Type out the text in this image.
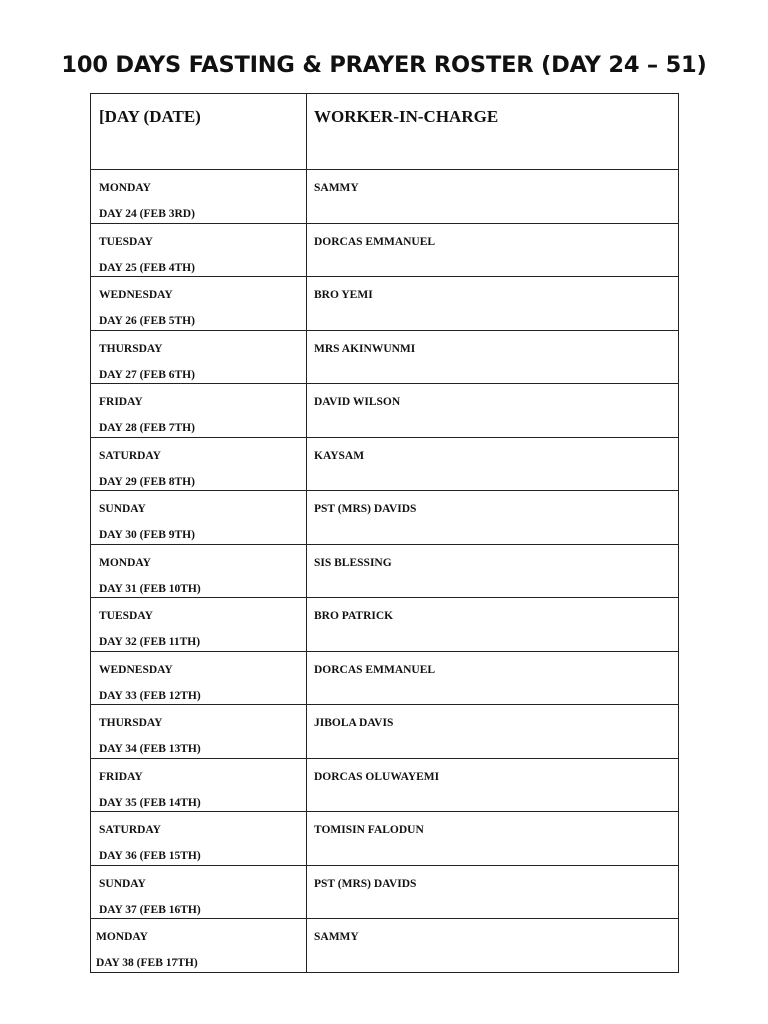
100 DAYS FASTING & PRAYER ROSTER (DAY 24 – 51)
[DAY (DATE)	WORKER-IN-CHARGE

MONDAY
DAY 24 (FEB 3RD)	SAMMY

TUESDAY
DAY 25 (FEB 4TH)	DORCAS EMMANUEL

WEDNESDAY
DAY 26 (FEB 5TH)	BRO YEMI

THURSDAY
DAY 27 (FEB 6TH)	MRS AKINWUNMI

FRIDAY
DAY 28 (FEB 7TH)	DAVID WILSON

SATURDAY
DAY 29 (FEB 8TH)	KAYSAM

SUNDAY
DAY 30 (FEB 9TH)	PST (MRS) DAVIDS

MONDAY
DAY 31 (FEB 10TH)	SIS BLESSING

TUESDAY
DAY 32 (FEB 11TH)	BRO PATRICK

WEDNESDAY
DAY 33 (FEB 12TH)	DORCAS EMMANUEL

THURSDAY
DAY 34 (FEB 13TH)	JIBOLA DAVIS

FRIDAY
DAY 35 (FEB 14TH)	DORCAS OLUWAYEMI

SATURDAY
DAY 36 (FEB 15TH)	TOMISIN FALODUN

SUNDAY
DAY 37 (FEB 16TH)	PST (MRS) DAVIDS

MONDAY
DAY 38 (FEB 17TH)	SAMMY
